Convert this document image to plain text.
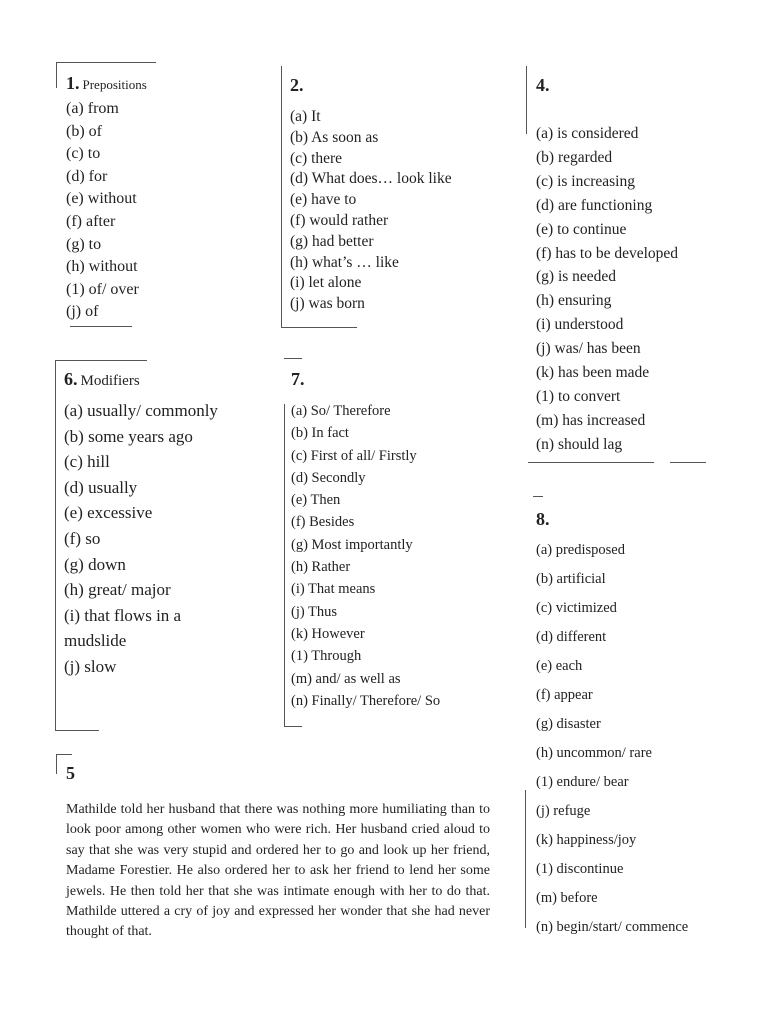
1. Prepositions
(a) from
(b) of
(c) to
(d) for
(e) without
(f) after
(g) to
(h) without
(1) of/ over
(j) of
2.
(a) It
(b) As soon as
(c) there
(d) What does… look like
(e) have to
(f) would rather
(g) had better
(h) what’s … like
(i) let alone
(j) was born
4.
(a) is considered
(b) regarded
(c) is increasing
(d) are functioning
(e) to continue
(f) has to be developed
(g) is needed
(h) ensuring
(i) understood
(j) was/ has been
(k) has been made
(1) to convert
(m) has increased
(n) should lag
6. Modifiers
(a) usually/ commonly
(b) some years ago
(c) hill
(d) usually
(e) excessive
(f) so
(g) down
(h) great/ major
(i) that flows in a mudslide
(j) slow
7.
(a) So/ Therefore
(b) In fact
(c) First of all/ Firstly
(d) Secondly
(e) Then
(f) Besides
(g) Most importantly
(h) Rather
(i) That means
(j) Thus
(k) However
(1) Through
(m) and/ as well as
(n) Finally/ Therefore/ So
8.
(a) predisposed
(b) artificial
(c) victimized
(d) different
(e) each
(f) appear
(g) disaster
(h) uncommon/ rare
(1) endure/ bear
(j) refuge
(k) happiness/joy
(1) discontinue
(m) before
(n) begin/start/ commence
5

Mathilde told her husband that there was nothing more humiliating than to look poor among other women who were rich. Her husband cried aloud to say that she was very stupid and ordered her to go and look up her friend, Madame Forestier. He also ordered her to ask her friend to lend her some jewels. He then told her that she was intimate enough with her to do that. Mathilde uttered a cry of joy and expressed her wonder that she had never thought of that.
